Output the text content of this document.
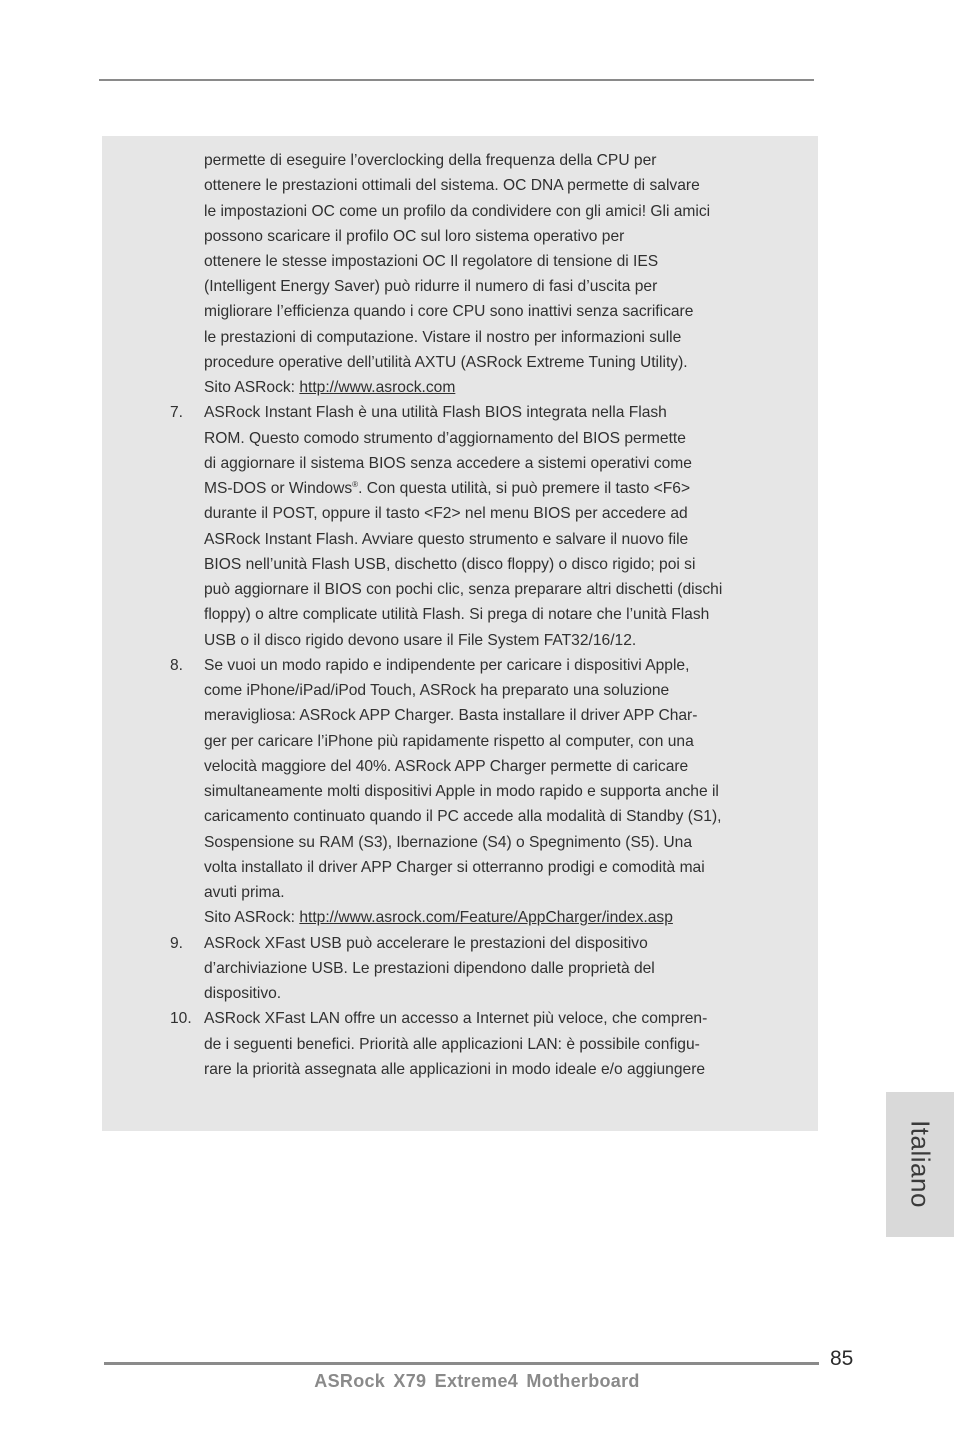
permette di eseguire l’overclocking della frequenza della CPU per
ottenere le prestazioni ottimali del sistema. OC DNA permette di salvare
le impostazioni OC come un profilo da condividere con gli amici! Gli amici
possono scaricare il profilo OC sul loro sistema operativo per
ottenere le stesse impostazioni OC Il regolatore di tensione di IES
(Intelligent Energy Saver) può ridurre il numero di fasi d’uscita per
migliorare l’efficienza quando i core CPU sono inattivi senza sacrificare
le prestazioni di computazione. Vistare il nostro per informazioni sulle
procedure operative dell’utilità AXTU (ASRock Extreme Tuning Utility).
Sito ASRock: http://www.asrock.com
7. ASRock Instant Flash è una utilità Flash BIOS integrata nella Flash
ROM. Questo comodo strumento d’aggiornamento del BIOS permette
di aggiornare il sistema BIOS senza accedere a sistemi operativi come
MS-DOS or Windows®. Con questa utilità, si può premere il tasto <F6>
durante il POST, oppure il tasto <F2> nel menu BIOS per accedere ad
ASRock Instant Flash. Avviare questo strumento e salvare il nuovo file
BIOS nell’unità Flash USB, dischetto (disco floppy) o disco rigido; poi si
può aggiornare il BIOS con pochi clic, senza preparare altri dischetti (dischi
floppy) o altre complicate utilità Flash. Si prega di notare che l’unità Flash
USB o il disco rigido devono usare il File System FAT32/16/12.
8. Se vuoi un modo rapido e indipendente per caricare i dispositivi Apple,
come iPhone/iPad/iPod Touch, ASRock ha preparato una soluzione
meravigliosa: ASRock APP Charger. Basta installare il driver APP Char-
ger per caricare l’iPhone più rapidamente rispetto al computer, con una
velocità maggiore del 40%. ASRock APP Charger permette di caricare
simultaneamente molti dispositivi Apple in modo rapido e supporta anche il
caricamento continuato quando il PC accede alla modalità di Standby (S1),
Sospensione su RAM (S3), Ibernazione (S4) o Spegnimento (S5). Una
volta installato il driver APP Charger si otterranno prodigi e comodità mai
avuti prima.
Sito ASRock: http://www.asrock.com/Feature/AppCharger/index.asp
9. ASRock XFast USB può accelerare le prestazioni del dispositivo
d’archiviazione USB. Le prestazioni dipendono dalle proprietà del
dispositivo.
10. ASRock XFast LAN offre un accesso a Internet più veloce, che compren-
de i seguenti benefici. Priorità alle applicazioni LAN: è possibile configu-
rare la priorità assegnata alle applicazioni in modo ideale e/o aggiungere
Italiano
85
ASRock X79 Extreme4 Motherboard
